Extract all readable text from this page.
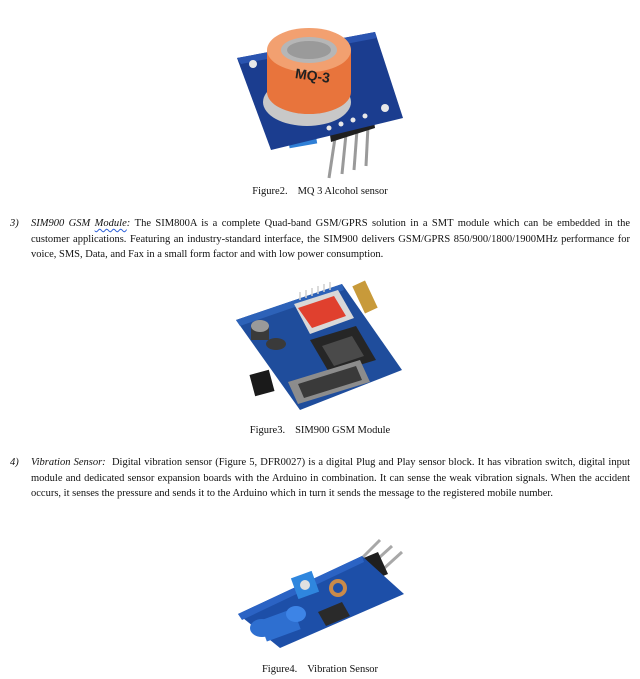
MQ-3
Figure2. MQ 3 Alcohol sensor
3) SIM900 GSM Module: The SIM800A is a complete Quad-band GSM/GPRS solution in a SMT module which can be embedded in the customer applications. Featuring an industry-standard interface, the SIM900 delivers GSM/GPRS 850/900/1800/1900MHz performance for voice, SMS, Data, and Fax in a small form factor and with low power consumption.
Figure3. SIM900 GSM Module
4) Vibration Sensor: Digital vibration sensor (Figure 5, DFR0027) is a digital Plug and Play sensor block. It has vibration switch, digital input module and dedicated sensor expansion boards with the Arduino in combination. It can sense the weak vibration signals. When the accident occurs, it senses the pressure and sends it to the Arduino which in turn it sends the message to the registered mobile number.
Figure4. Vibration Sensor
